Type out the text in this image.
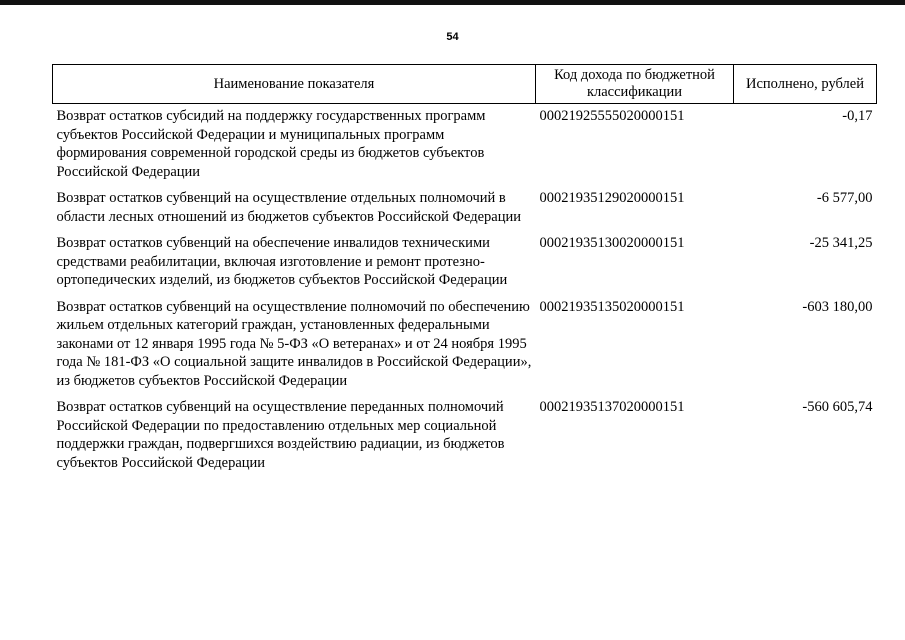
54
Наименование показателя	Код дохода по бюджетной классификации	Исполнено, рублей
Возврат остатков субсидий на поддержку государственных программ субъектов Российской Федерации и муниципальных программ формирования современной городской среды из бюджетов субъектов Российской Федерации	00021925555020000151	-0,17
Возврат остатков субвенций на осуществление отдельных полномочий в области лесных отношений из бюджетов субъектов Российской Федерации	00021935129020000151	-6 577,00
Возврат остатков субвенций на обеспечение инвалидов техническими средствами реабилитации, включая изготовление и ремонт протезно-ортопедических изделий, из бюджетов субъектов Российской Федерации	00021935130020000151	-25 341,25
Возврат остатков субвенций на осуществление полномочий по обеспечению жильем отдельных категорий граждан, установленных федеральными законами от 12 января 1995 года № 5-ФЗ «О ветеранах» и от 24 ноября 1995 года № 181-ФЗ «О социальной защите инвалидов в Российской Федерации», из бюджетов субъектов Российской Федерации	00021935135020000151	-603 180,00
Возврат остатков субвенций на осуществление переданных полномочий Российской Федерации по предоставлению отдельных мер социальной поддержки граждан, подвергшихся воздействию радиации, из бюджетов субъектов Российской Федерации	00021935137020000151	-560 605,74
